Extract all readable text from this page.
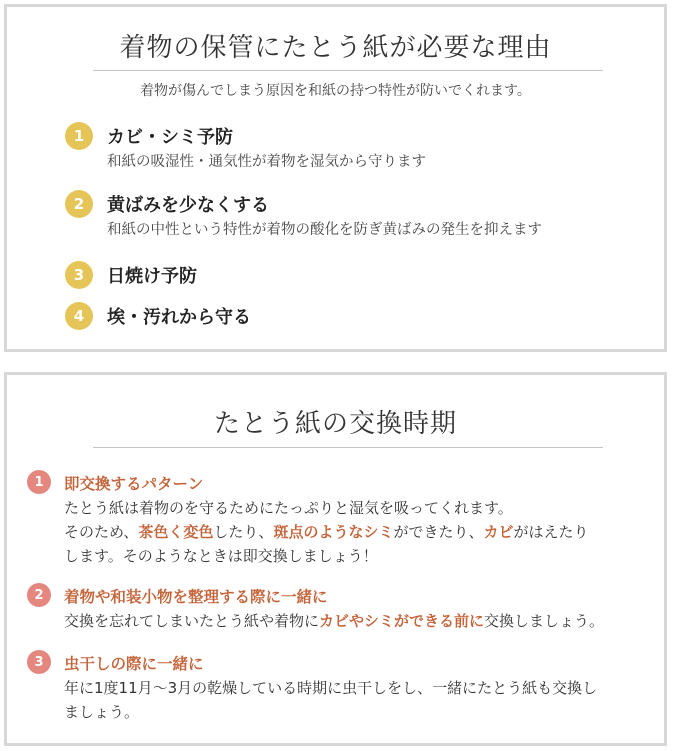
着物の保管にたとう紙が必要な理由
着物が傷んでしまう原因を和紙の持つ特性が防いでくれます。
1	カビ・シミ予防
和紙の吸湿性・通気性が着物を湿気から守ります
2	黄ばみを少なくする
和紙の中性という特性が着物の酸化を防ぎ黄ばみの発生を抑えます
3	日焼け予防
4	埃・汚れから守る
たとう紙の交換時期
1	即交換するパターン
たとう紙は着物のを守るためにたっぷりと湿気を吸ってくれます。
そのため、茶色く変色したり、斑点のようなシミができたり、カビがはえたり
します。そのようなときは即交換しましょう！
2	着物や和装小物を整理する際に一緒に
交換を忘れてしまいたとう紙や着物にカビやシミができる前に交換しましょう。
3	虫干しの際に一緒に
年に1度11月〜3月の乾燥している時期に虫干しをし、一緒にたとう紙も交換し
ましょう。
